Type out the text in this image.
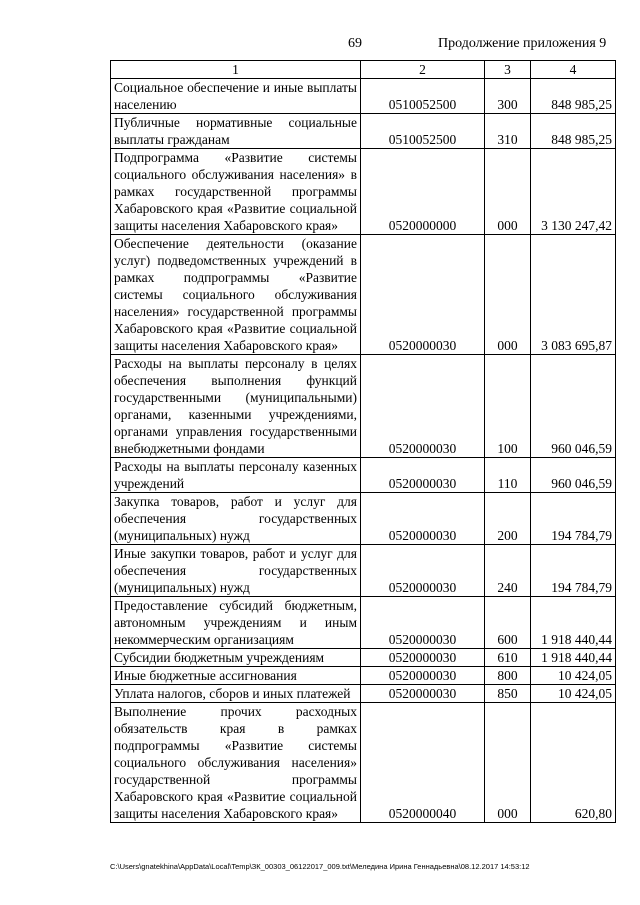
69	Продолжение приложения 9
1	2	3	4
Социальное обеспечение и иные выплаты населению	0510052500	300	848 985,25
Публичные нормативные социальные выплаты гражданам	0510052500	310	848 985,25
Подпрограмма «Развитие системы социального обслуживания населения» в рамках государственной программы Хабаровского края «Развитие социальной защиты населения Хабаровского края»	0520000000	000	3 130 247,42
Обеспечение деятельности (оказание услуг) подведомственных учреждений в рамках подпрограммы «Развитие системы социального обслуживания населения» государственной программы Хабаровского края «Развитие социальной защиты населения Хабаровского края»	0520000030	000	3 083 695,87
Расходы на выплаты персоналу в целях обеспечения выполнения функций государственными (муниципальными) органами, казенными учреждениями, органами управления государственными внебюджетными фондами	0520000030	100	960 046,59
Расходы на выплаты персоналу казенных учреждений	0520000030	110	960 046,59
Закупка товаров, работ и услуг для обеспечения государственных (муниципальных) нужд	0520000030	200	194 784,79
Иные закупки товаров, работ и услуг для обеспечения государственных (муниципальных) нужд	0520000030	240	194 784,79
Предоставление субсидий бюджетным, автономным учреждениям и иным некоммерческим организациям	0520000030	600	1 918 440,44
Субсидии бюджетным учреждениям	0520000030	610	1 918 440,44
Иные бюджетные ассигнования	0520000030	800	10 424,05
Уплата налогов, сборов и иных платежей	0520000030	850	10 424,05
Выполнение прочих расходных обязательств края в рамках подпрограммы «Развитие системы социального обслуживания населения» государственной программы Хабаровского края «Развитие социальной защиты населения Хабаровского края»	0520000040	000	620,80
C:\Users\gnatekhina\AppData\Local\Temp\ЗК_00303_06122017_009.txt\Меледина Ирина Геннадьевна\08.12.2017 14:53:12
